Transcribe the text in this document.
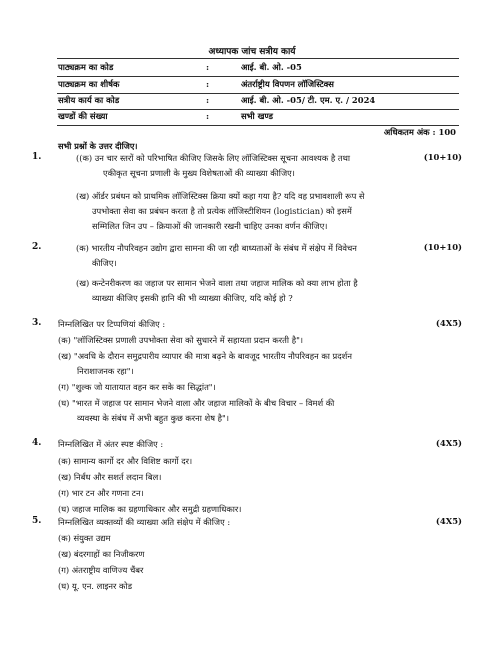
अध्यापक जांच सत्रीय कार्य
पाठ्यक्रम का कोड	:	आई. बी. ओ. -05
पाठ्यक्रम का शीर्षक	:	अंतर्राष्ट्रीय विपणन लॉजिस्टिक्स
सत्रीय कार्य का कोड	:	आई. बी. ओ. -05/ टी. एम. ए. / 2024
खण्डों की संख्या	:	सभी खण्ड
अधिकतम अंक : 100
सभी प्रश्नों के उत्तर दीजिए।
1.	(10+10)
((क) उन चार स्तरों को परिभाषित कीजिए जिसके लिए लॉजिस्टिक्स सूचना आवश्यक है तथा
एकीकृत सूचना प्रणाली के मुख्य विशेषताओं की व्याख्या कीजिए।
(ख) ऑर्डर प्रबंधन को प्राथमिक लॉजिस्टिक्स क्रिया क्यों कहा गया है? यदि वह प्रभावशाली रूप से
उपभोक्ता सेवा का प्रबंधन करता है तो प्रत्येक लॉजिस्टीशियन (logistician) को इसमें
सम्मिलित जिन उप – क्रियाओं की जानकारी रखनी चाहिए उनका वर्णन कीजिए।
2.	(10+10)
(क) भारतीय नौपरिवहन उद्योग द्वारा सामना की जा रही बाध्यताओं के संबंध में संक्षेप में विवेचन
कीजिए।
(ख) कन्टेनरीकरण का जहाज पर सामान भेजने वाला तथा जहाज मालिक को क्या लाभ होता है
व्याख्या कीजिए इसकी हानि की भी व्याख्या कीजिए, यदि कोई हो ?
3.	(4X5)
निम्नलिखित पर टिप्पणियां कीजिए :
(क) "लॉजिस्टिक्स प्रणाली उपभोक्ता सेवा को सुधारने में सहायता प्रदान करती है"।
(ख) "अवधि के दौरान समुद्रपारीय व्यापार की मात्रा बढ़ने के बावजूद भारतीय नौपरिवहन का प्रदर्शन
निराशाजनक रहा"।
(ग) "शुल्क जो यातायात वहन कर सके का सिद्धांत"।
(घ) "भारत में जहाज पर सामान भेजने वाला और जहाज मालिकों के बीच विचार – विमर्श की
व्यवस्था के संबंध में अभी बहुत कुछ करना शेष है"।
4.	(4X5)
निम्नलिखित में अंतर स्पष्ट कीजिए :
(क) सामान्य कार्गो दर और विशिष्ट कार्गो दर।
(ख) निर्बंध और सशर्त लदान बिल।
(ग) भार टन और गणना टन।
(घ) जहाज मालिक का ग्रहणाधिकार और समुद्री ग्रहणाधिकार।
5.	(4X5)
निम्नलिखित व्यक्तव्यों की व्याख्या अति संक्षेप में कीजिए :
(क) संयुक्त उद्यम
(ख) बंदरगाहों का निजीकरण
(ग) अंतराष्ट्रीय वाणिज्य चैंबर
(घ) यू. एन. लाइनर कोड
